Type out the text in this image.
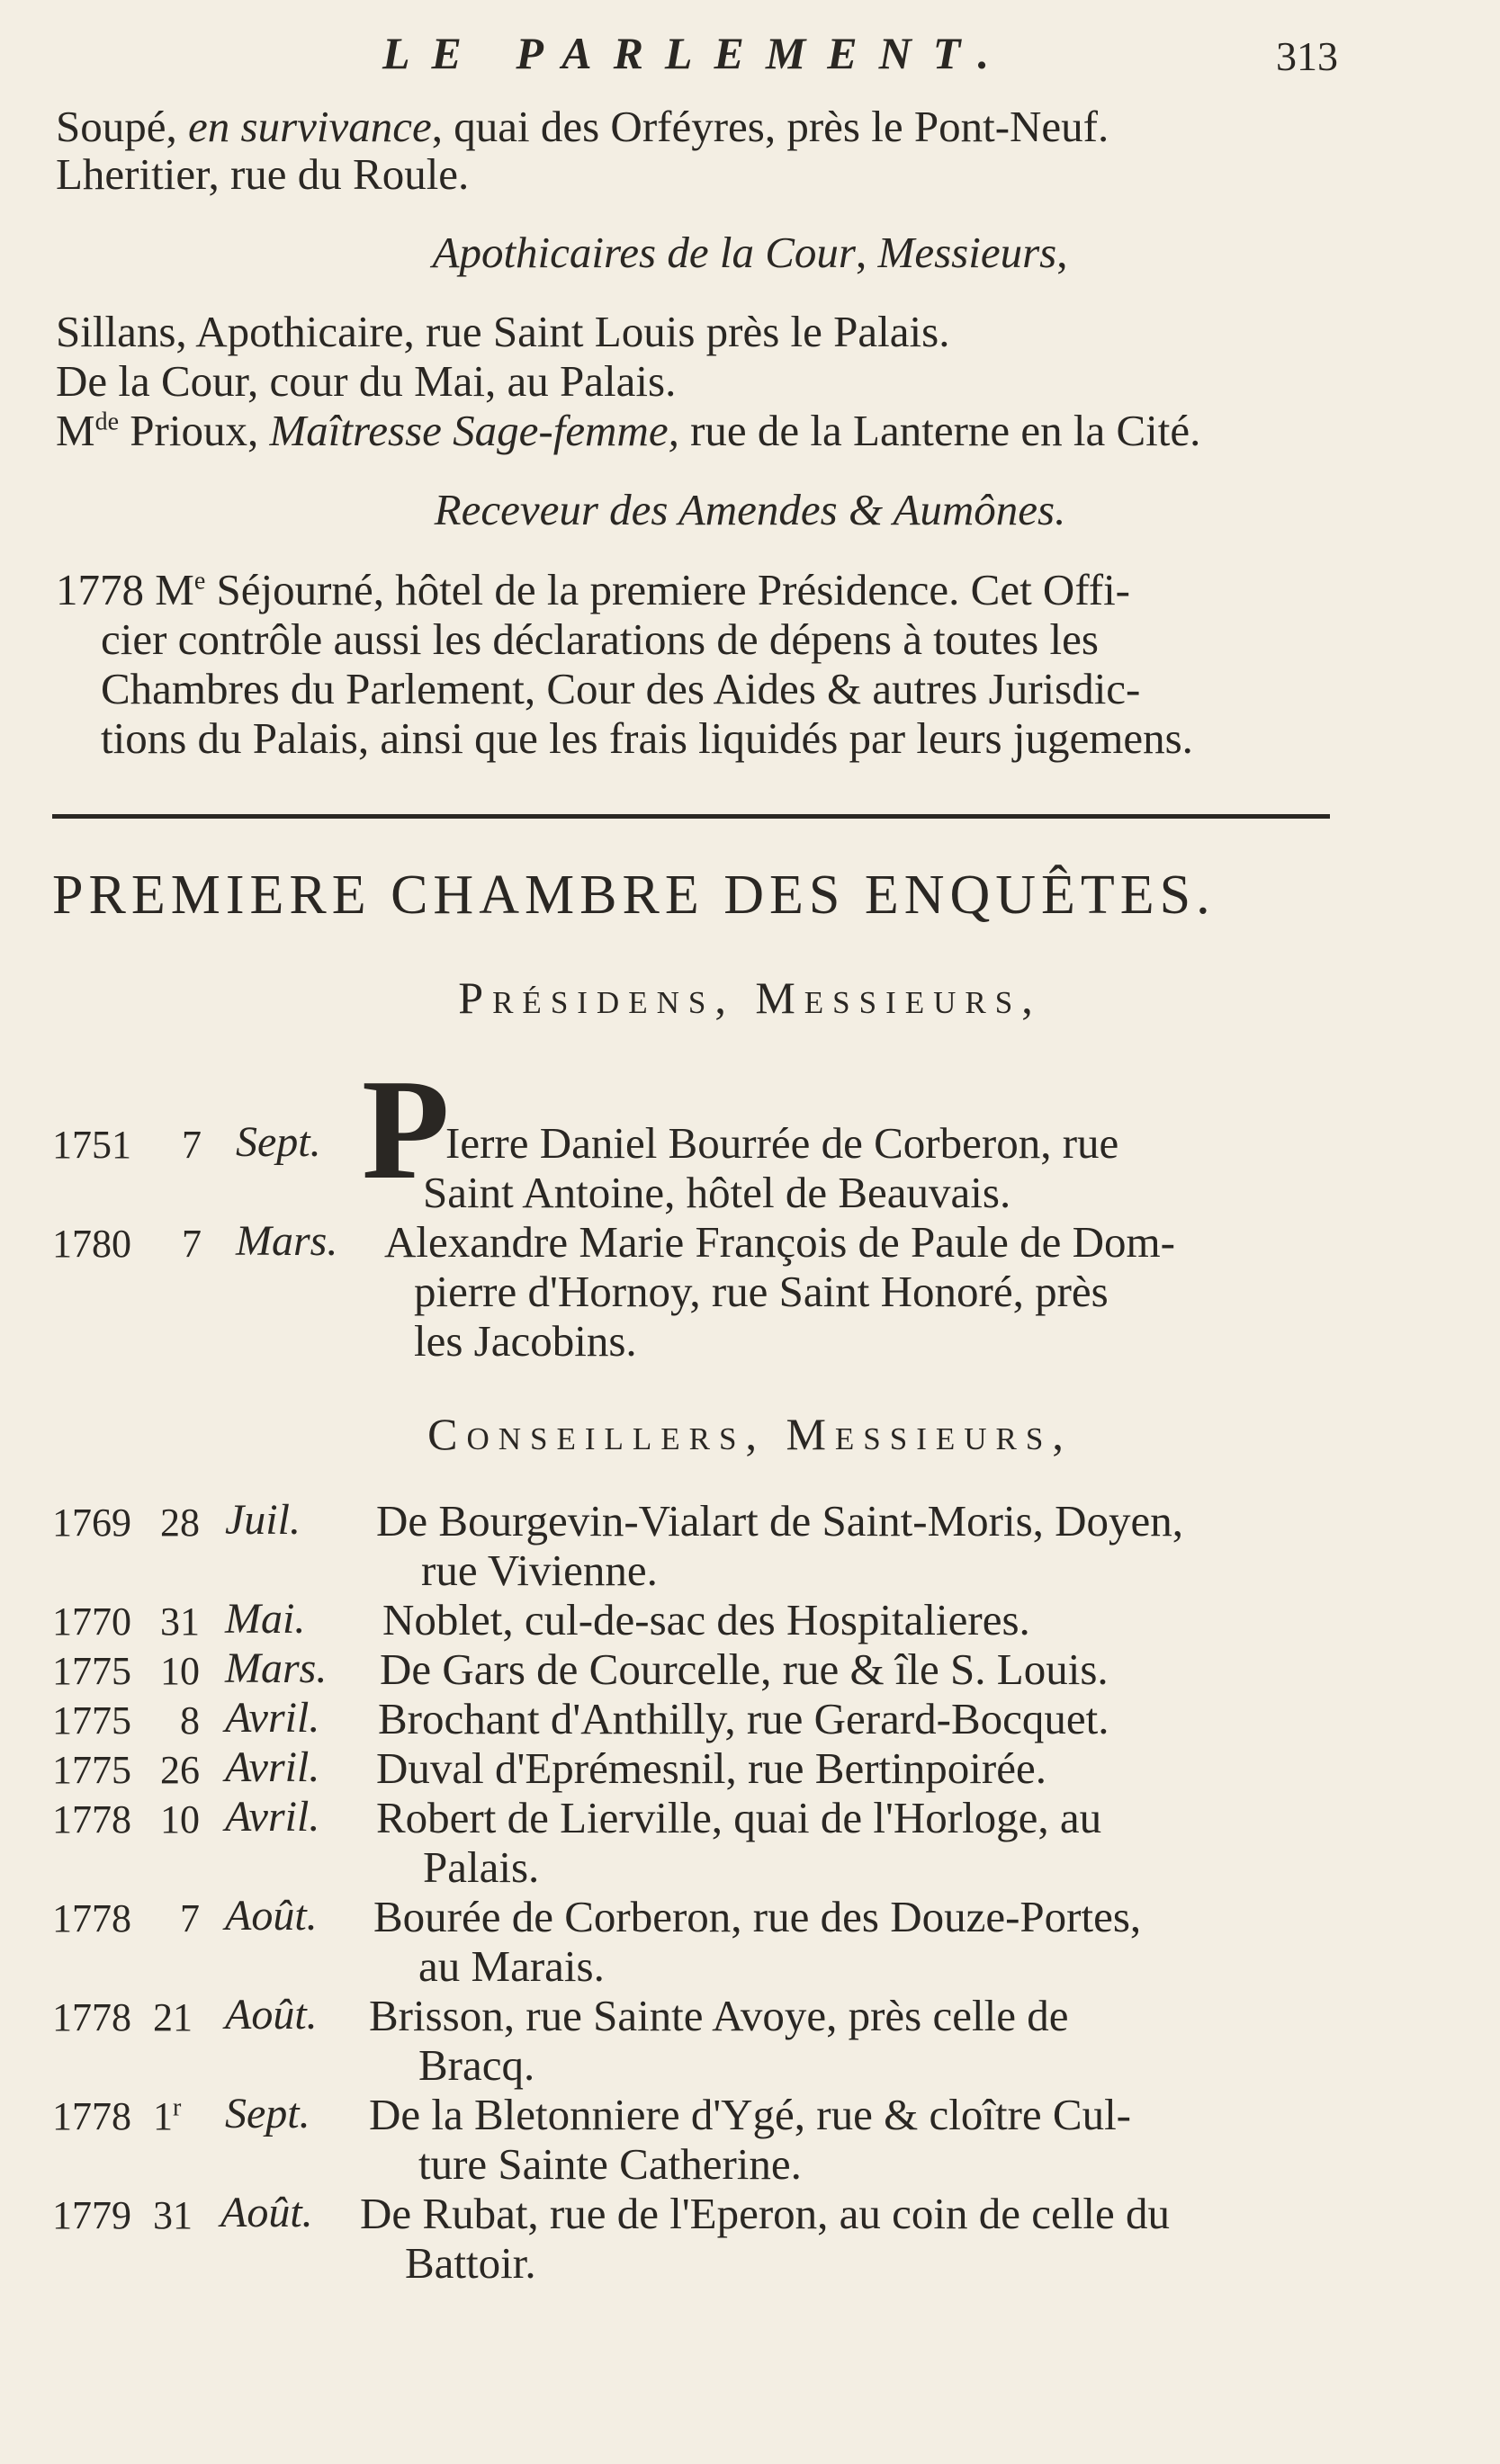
LE PARLEMENT.	313
Soupé, en survivance, quai des Orféyres, près le Pont-Neuf.
Lheritier, rue du Roule.
Apothicaires de la Cour, Messieurs,
Sillans, Apothicaire, rue Saint Louis près le Palais.
De la Cour, cour du Mai, au Palais.
Mde Prioux, Maîtresse Sage-femme, rue de la Lanterne en la Cité.
Receveur des Amendes & Aumônes.
1778 Me Séjourné, hôtel de la premiere Présidence. Cet Offi-
cier contrôle aussi les déclarations de dépens à toutes les
Chambres du Parlement, Cour des Aides & autres Jurisdic-
tions du Palais, ainsi que les frais liquidés par leurs jugemens.
PREMIERE CHAMBRE DES ENQUÊTES.
Présidens, Messieurs,
P
1751 7 Sept.	Ierre Daniel Bourrée de Corberon, rue
Saint Antoine, hôtel de Beauvais.
1780 7 Mars. Alexandre Marie François de Paule de Dom-
pierre d'Hornoy, rue Saint Honoré, près
les Jacobins.
Conseillers, Messieurs,
1769 28 Juil. De Bourgevin-Vialart de Saint-Moris, Doyen,
rue Vivienne.
1770 31 Mai. Noblet, cul-de-sac des Hospitalieres.
1775 10 Mars. De Gars de Courcelle, rue & île S. Louis.
1775 8 Avril. Brochant d'Anthilly, rue Gerard-Bocquet.
1775 26 Avril. Duval d'Eprémesnil, rue Bertinpoirée.
1778 10 Avril. Robert de Lierville, quai de l'Horloge, au
Palais.
1778 7 Août. Bourée de Corberon, rue des Douze-Portes,
au Marais.
1778 21 Août. Brisson, rue Sainte Avoye, près celle de
Bracq.
1778 1$^r$ Sept. De la Bletonniere d'Ygé, rue & cloître Cul-
ture Sainte Catherine.
1779 31 Août. De Rubat, rue de l'Eperon, au coin de celle du
Battoir.
